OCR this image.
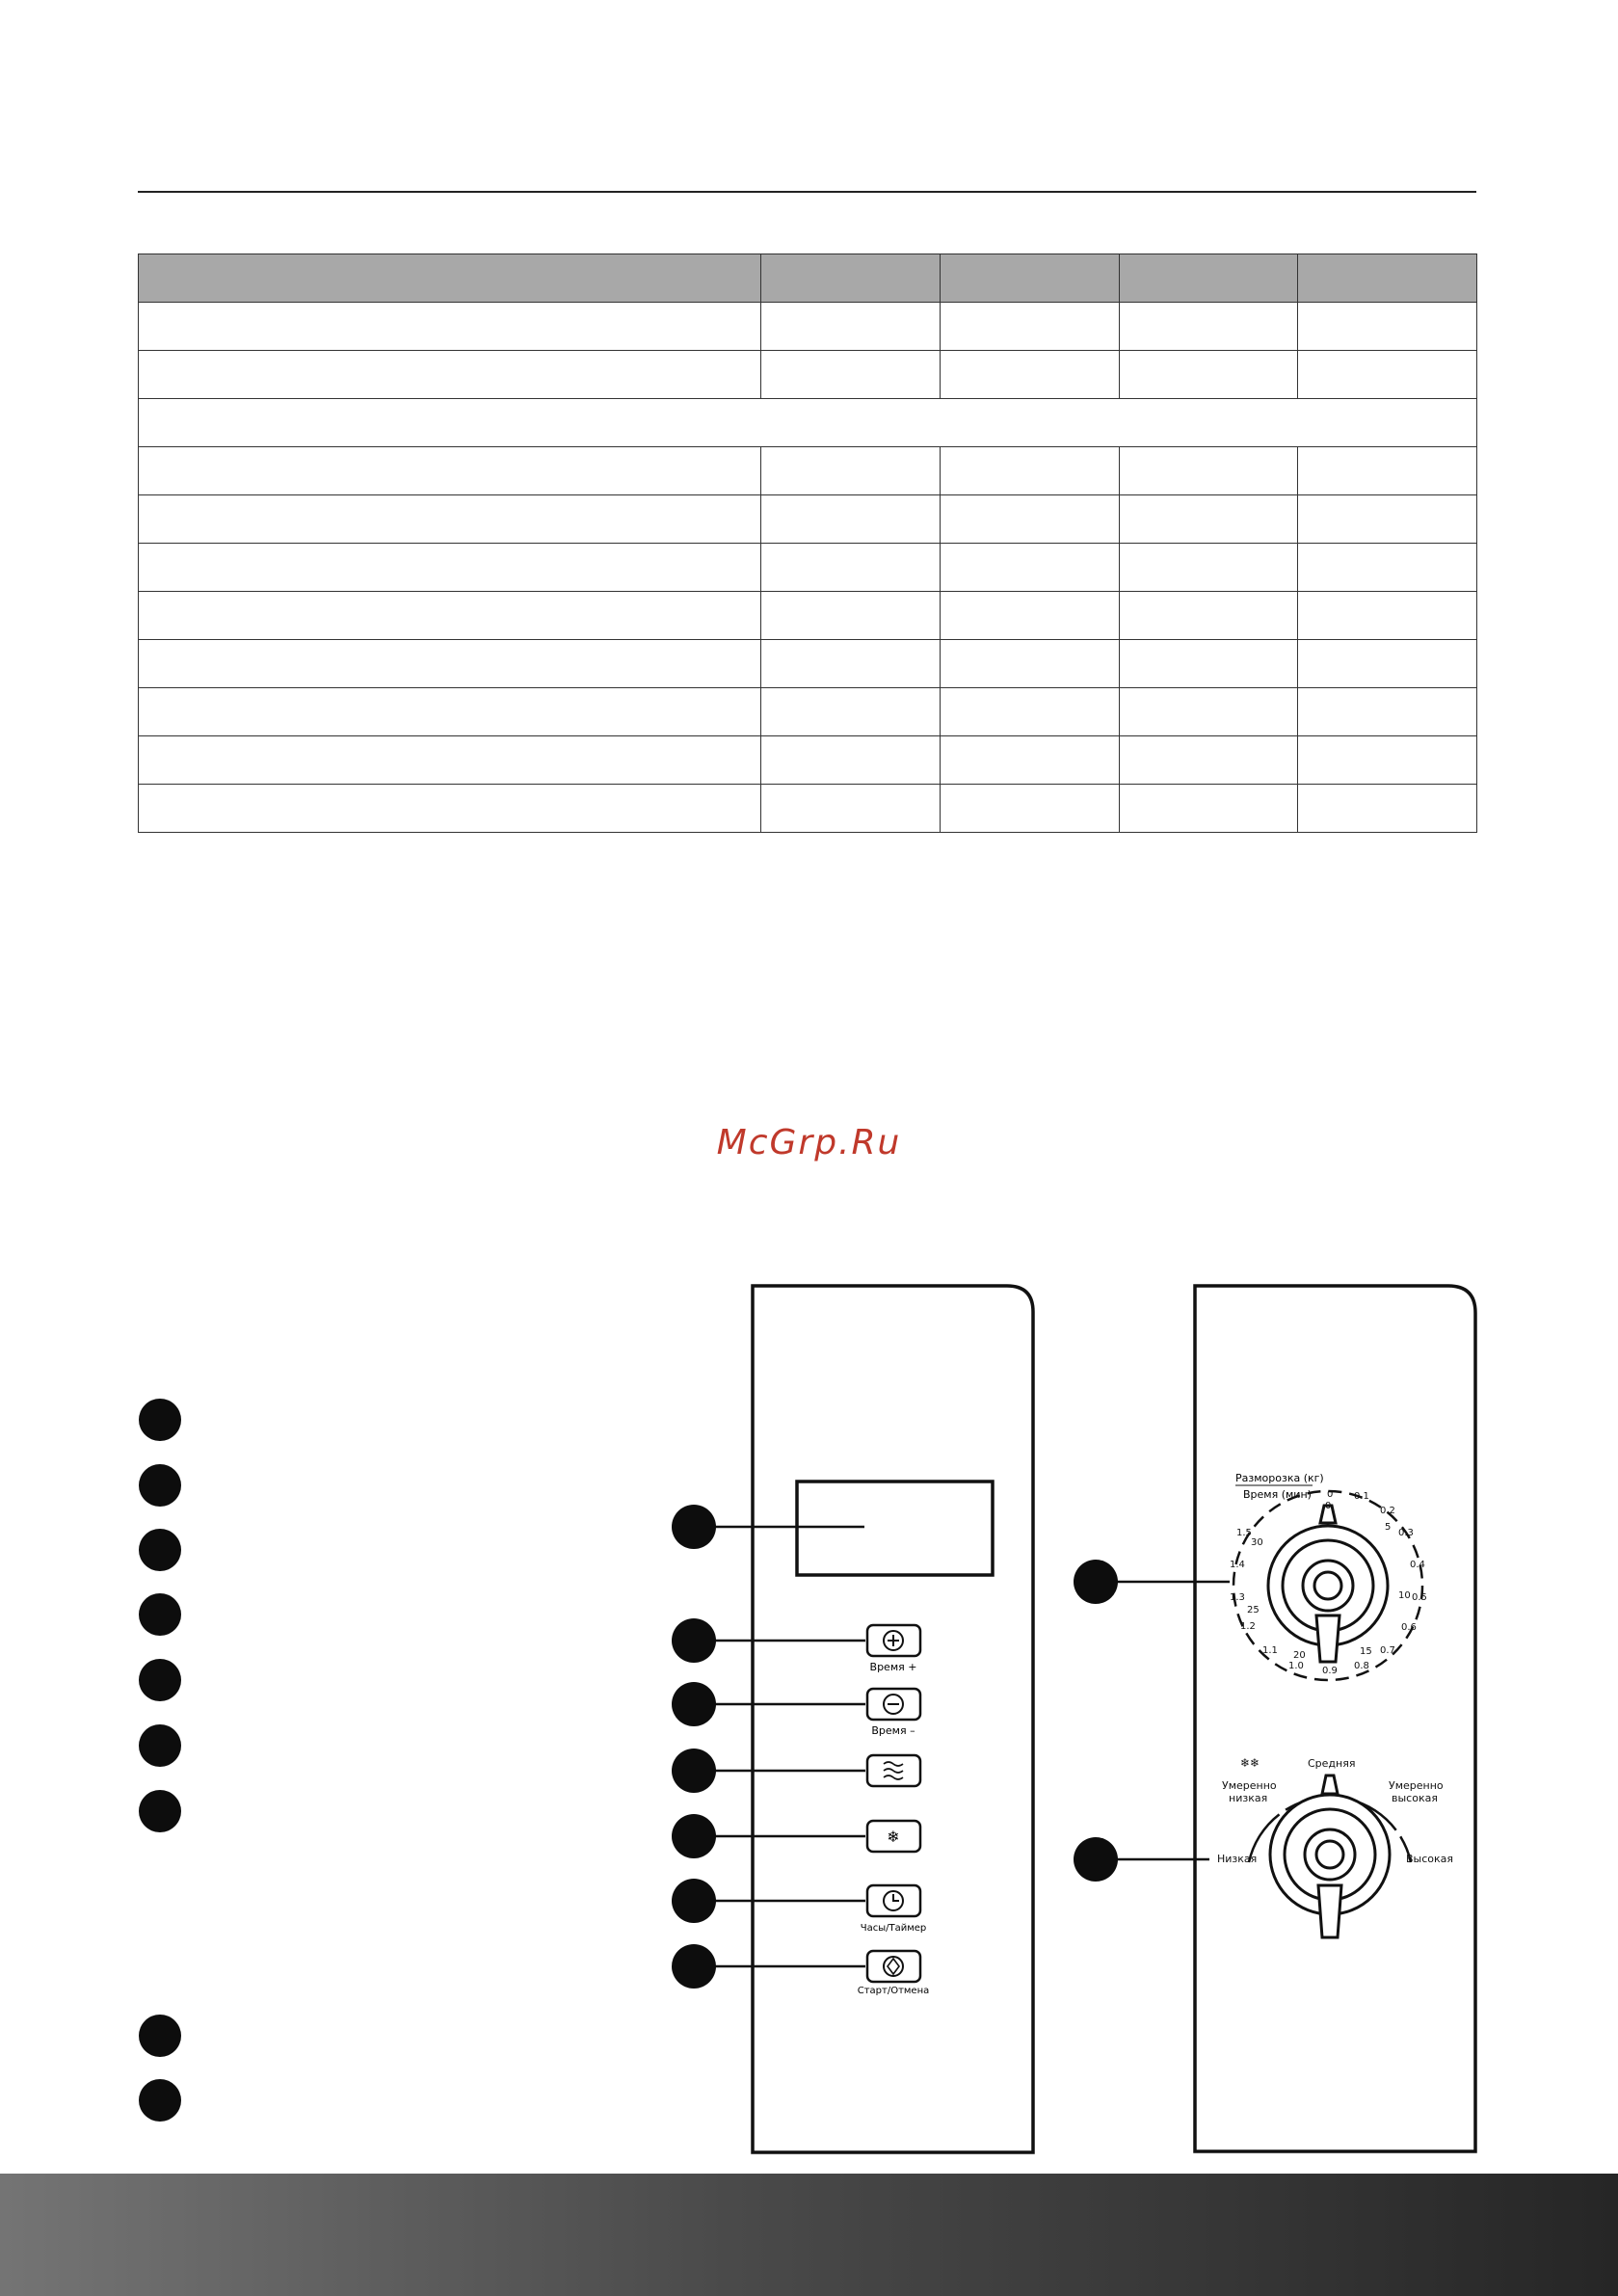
McGrp.Ru
Время +
Время –
❄
Часы/Таймер
Старт/Отмена
Разморозка (кг)
Время (мин) 0 0.1
0.2
0.3
0.4
0.5
0.6
0.7
0.8
0.9
1.0
1.1
1.2
1.3
1.4
1.5
0
5
10
15
20
25
30
Низкая
Умеренно
низкая
Средняя
Умеренно
высокая
Высокая
❄❄
